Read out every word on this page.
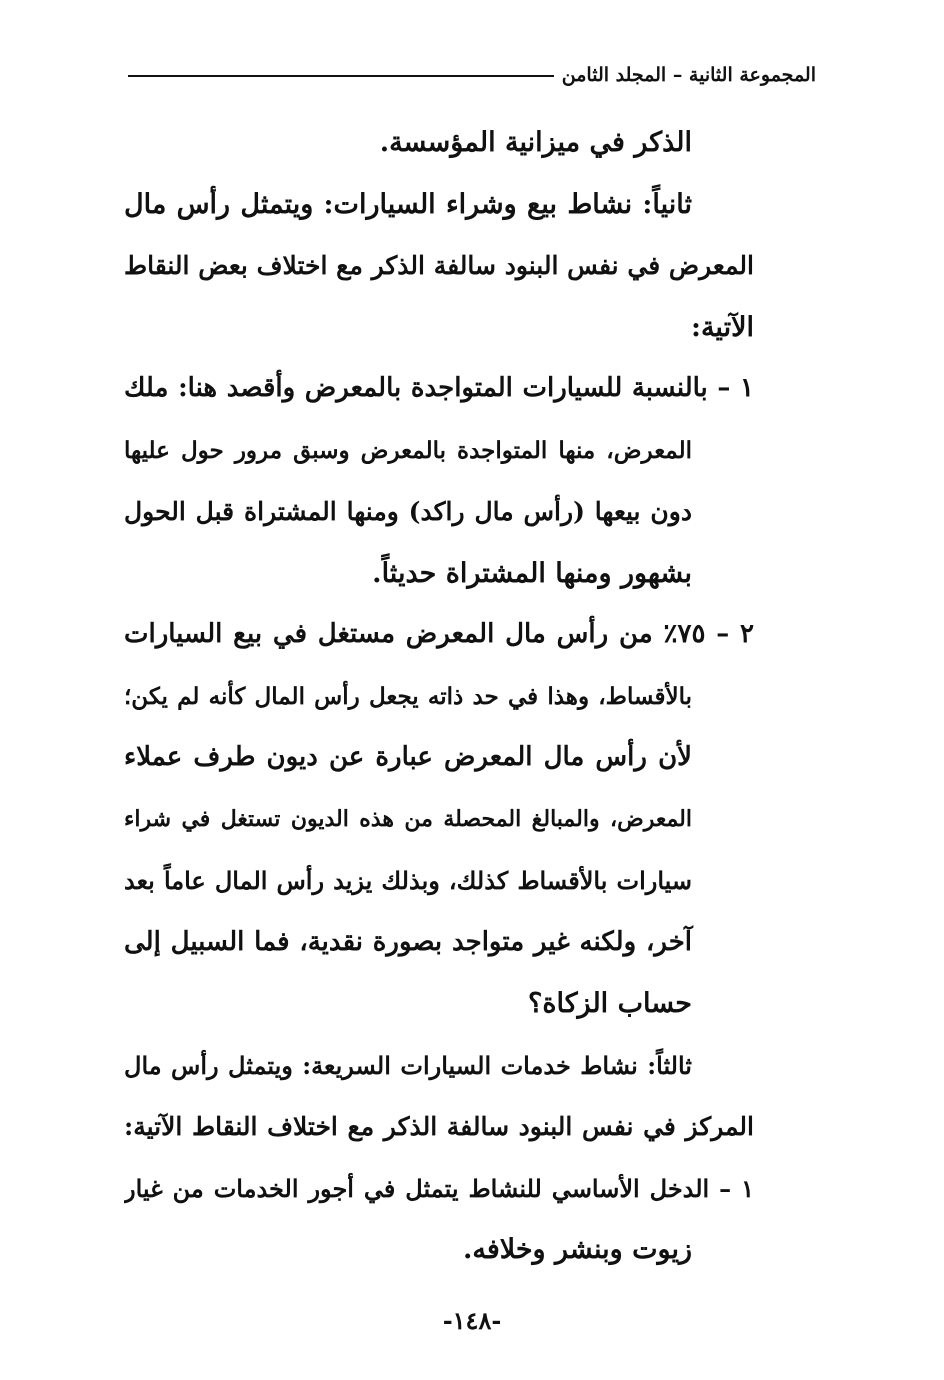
المجموعة الثانية – المجلد الثامن
الذكر في ميزانية المؤسسة.
ثانياً: نشاط بيع وشراء السيارات: ويتمثل رأس مال
المعرض في نفس البنود سالفة الذكر مع اختلاف بعض النقاط
الآتية:
١ – بالنسبة للسيارات المتواجدة بالمعرض وأقصد هنا: ملك
المعرض، منها المتواجدة بالمعرض وسبق مرور حول عليها
دون بيعها (رأس مال راكد) ومنها المشتراة قبل الحول
بشهور ومنها المشتراة حديثاً.
٢ – ٧٥٪ من رأس مال المعرض مستغل في بيع السيارات
بالأقساط، وهذا في حد ذاته يجعل رأس المال كأنه لم يكن؛
لأن رأس مال المعرض عبارة عن ديون طرف عملاء
المعرض، والمبالغ المحصلة من هذه الديون تستغل في شراء
سيارات بالأقساط كذلك، وبذلك يزيد رأس المال عاماً بعد
آخر، ولكنه غير متواجد بصورة نقدية، فما السبيل إلى
حساب الزكاة؟
ثالثاً: نشاط خدمات السيارات السريعة: ويتمثل رأس مال
المركز في نفس البنود سالفة الذكر مع اختلاف النقاط الآتية:
١ – الدخل الأساسي للنشاط يتمثل في أجور الخدمات من غيار
زيوت وبنشر وخلافه.
-١٤٨-
